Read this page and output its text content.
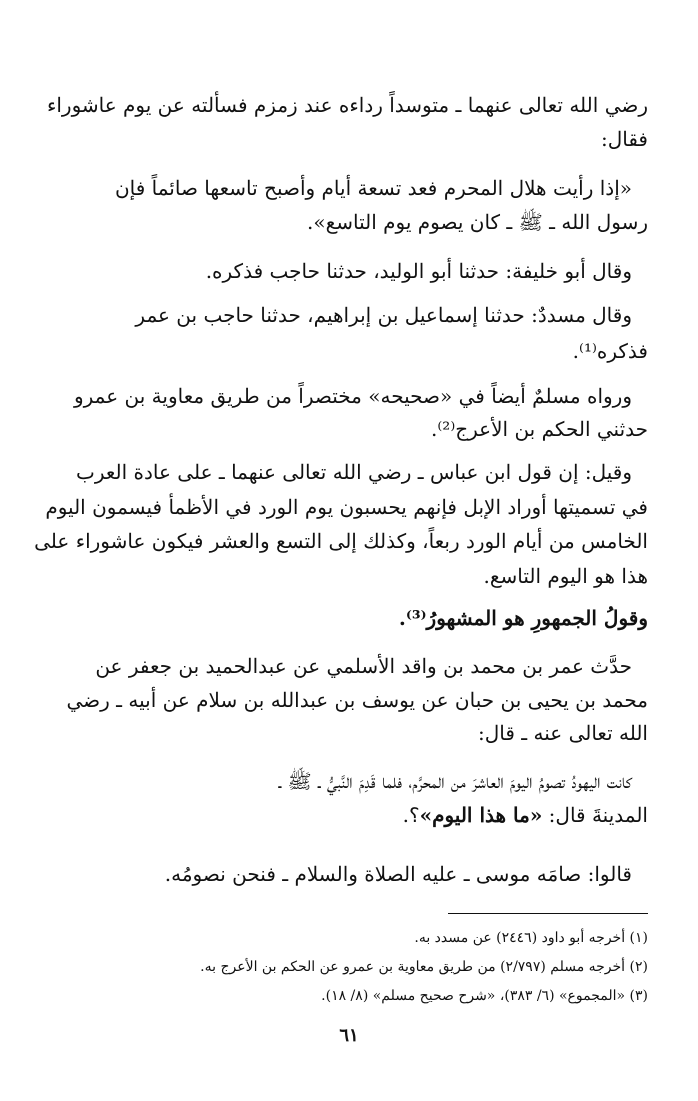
رضي الله تعالى عنهما ـ متوسداً رداءه عند زمزم فسألته عن يوم عاشوراء

فقال:

«إذا رأيت هلال المحرم فعد تسعة أيام وأصبح تاسعها صائماً فإن

رسول الله ـ ﷺ ـ كان يصوم يوم التاسع».

وقال أبو خليفة: حدثنا أبو الوليد، حدثنا حاجب فذكره.

وقال مسددٌ: حدثنا إسماعيل بن إبراهيم، حدثنا حاجب بن عمر

فذكره⁽¹⁾.

ورواه مسلمٌ أيضاً في «صحيحه» مختصراً من طريق معاوية بن عمرو

حدثني الحكم بن الأعرج⁽²⁾.

وقيل: إن قول ابن عباس ـ رضي الله تعالى عنهما ـ على عادة العرب

في تسميتها أوراد الإبل فإنهم يحسبون يوم الورد في الأظمأ فيسمون اليوم

الخامس من أيام الورد ربعاً، وكذلك إلى التسع والعشر فيكون عاشوراء على

هذا هو اليوم التاسع.

وقولُ الجمهورِ هو المشهورُ⁽³⁾.

حدَّث عمر بن محمد بن واقد الأسلمي عن عبدالحميد بن جعفر عن

محمد بن يحيى بن حبان عن يوسف بن عبدالله بن سلام عن أبيه ـ رضي

الله تعالى عنه ـ قال:

كانت اليهودُ تصومُ اليومَ العاشرَ من المحرَّم، فلما قَدِمَ النَّبيُّ ـ ﷺ ـ

المدينةَ قال: «ما هذا اليوم»؟.

قالوا: صامَه موسى ـ عليه الصلاة والسلام ـ فنحن نصومُه.

(١) أخرجه أبو داود (٢٤٤٦) عن مسدد به.

(٢) أخرجه مسلم (٢/٧٩٧) من طريق معاوية بن عمرو عن الحكم بن الأعرج به.

(٣) «المجموع» (٦/ ٣٨٣)، «شرح صحيح مسلم» (٨/ ١٨).

٦١
